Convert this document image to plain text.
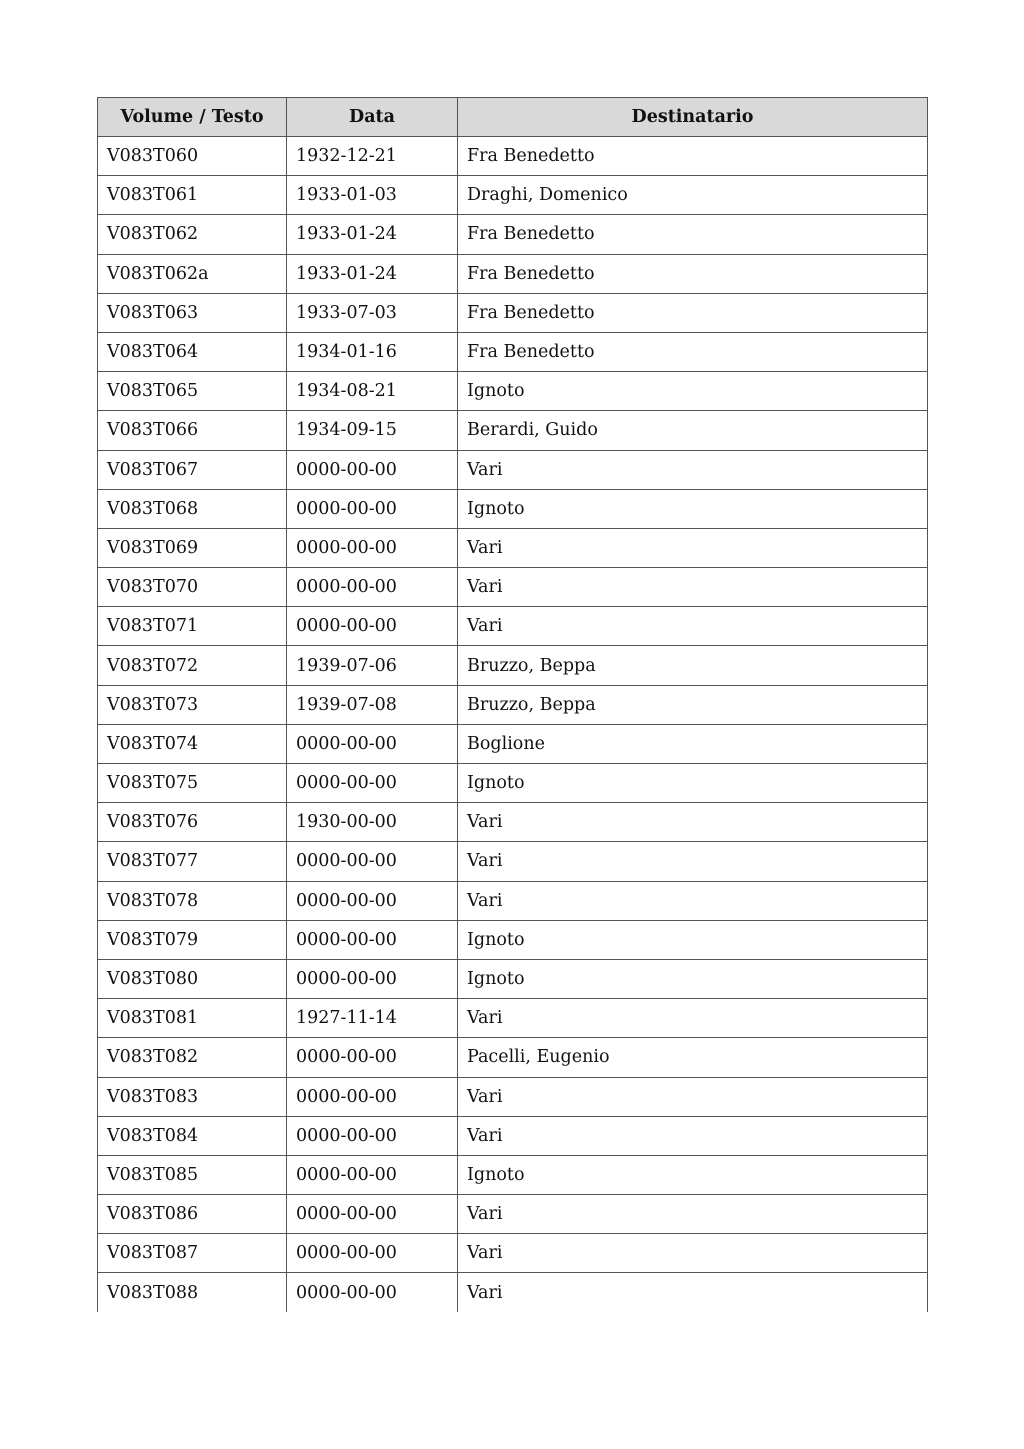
Volume / Testo	Data	Destinatario
V083T060	1932-12-21	Fra Benedetto
V083T061	1933-01-03	Draghi, Domenico
V083T062	1933-01-24	Fra Benedetto
V083T062a	1933-01-24	Fra Benedetto
V083T063	1933-07-03	Fra Benedetto
V083T064	1934-01-16	Fra Benedetto
V083T065	1934-08-21	Ignoto
V083T066	1934-09-15	Berardi, Guido
V083T067	0000-00-00	Vari
V083T068	0000-00-00	Ignoto
V083T069	0000-00-00	Vari
V083T070	0000-00-00	Vari
V083T071	0000-00-00	Vari
V083T072	1939-07-06	Bruzzo, Beppa
V083T073	1939-07-08	Bruzzo, Beppa
V083T074	0000-00-00	Boglione
V083T075	0000-00-00	Ignoto
V083T076	1930-00-00	Vari
V083T077	0000-00-00	Vari
V083T078	0000-00-00	Vari
V083T079	0000-00-00	Ignoto
V083T080	0000-00-00	Ignoto
V083T081	1927-11-14	Vari
V083T082	0000-00-00	Pacelli, Eugenio
V083T083	0000-00-00	Vari
V083T084	0000-00-00	Vari
V083T085	0000-00-00	Ignoto
V083T086	0000-00-00	Vari
V083T087	0000-00-00	Vari
V083T088	0000-00-00	Vari
